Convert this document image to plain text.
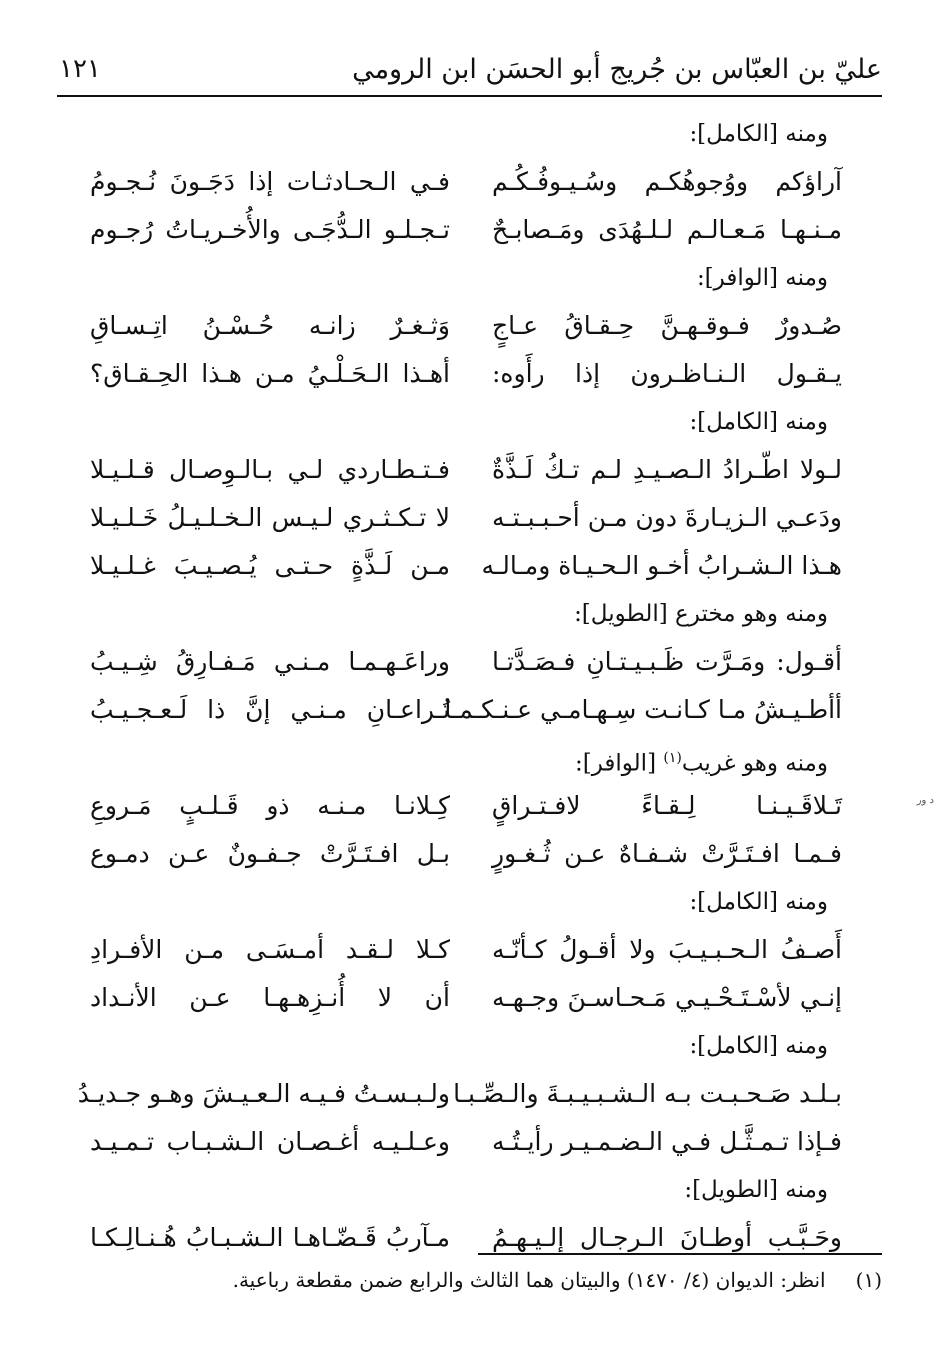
عليّ بن العبّاس بن جُريج أبو الحسَن ابن الرومي
١٢١
ومنه [الكامل]:
آراؤكم ووُجوهُكـم وسُـيـوفُـكُـم
فـي الـحـادثـات إذا دَجَـونَ نُـجـومُ
مـنـهـا مَـعـالـم لـلـهُدَى ومَـصابـحٌ
تـجـلـو الـدُّجَـى والأُخـريـاتُ رُجـوم
ومنه [الوافر]:
صُـدورٌ فـوقـهـنَّ حِـقـاقُ عـاجٍ
وَثـغـرٌ زانـه حُـسْـنُ اتِـسـاقِ
يـقـول الـنـاظـرون إذا رأَوه:
أهـذا الـحَـلْـيُ مـن هـذا الحِـقـاق؟
ومنه [الكامل]:
لـولا اطّـرادُ الـصـيـدِ لـم تـكُ لَـذَّةٌ
فـتـطـاردي لـي بـالـوِصـال قـلـيـلا
ودَعـي الـزيـارةَ دون مـن أحـبـبـتـه
لا تـكـثـري لـيـس الـخـلـيـلُ خَـلـيـلا
هـذا الـشـرابُ أخـو الـحـيـاة ومـالـه
مـن لَـذَّةٍ حـتـى يُـصـيـبَ غـلـيـلا
ومنه وهو مخترع [الطويل]:
أقـول: ومَـرَّت ظَـبـيـتـانِ فـصَـدَّتـا
وراعَـهـمـا مـنـي مَـفـارِقُ شِـيـبُ
أأطـيـشُ مـا كـانـت سِـهـامـي عـنـكـمـا
تُـراعـانِ مـنـي إنَّ ذا لَـعـجـيـبُ
ومنه وهو غريب$^{(١)}$ [الوافر]:
تَـلاقَـيـنـا لِـقـاءً لافـتـراقٍ
كِـلانـا مـنـه ذو قَـلـبٍ مَـروعِ
فـمـا افـتَـرَّتْ شـفـاهٌ عـن ثُـغـورٍ
بـل افـتَـرَّتْ جـفـونٌ عـن دمـوع
ومنه [الكامل]:
أَصـفُ الـحـبـيـبَ ولا أقـولُ كـأنّـه
كـلا لـقـد أمـسَـى مـن الأفـرادِ
إنـي لأسْـتَـحْـيـي مَـحـاسـنَ وجـهـه
أن لا أُنـزِهـهـا عـن الأنـداد
ومنه [الكامل]:
بـلـد صَـحـبـت بـه الـشـبـيـبـةَ والـصِّـبـا
ولـبـسـتُ فـيـه الـعـيـشَ وهـو جـديـدُ
فـإذا تـمـثَّـل فـي الـضـمـيـر رأيـتُـه
وعـلـيـه أغـصـان الـشـبـاب تـمـيـد
ومنه [الطويل]:
وحَـبَّـب أوطـانَ الـرجـال إلـيـهـمُ
مـآربُ قَـضّـاهـا الـشـبـابُ هُـنـالِـكـا
(١)انظر: الديوان (٤/ ١٤٧٠) والبيتان هما الثالث والرابع ضمن مقطعة رباعية.
ﺩ ﻭﺭ
